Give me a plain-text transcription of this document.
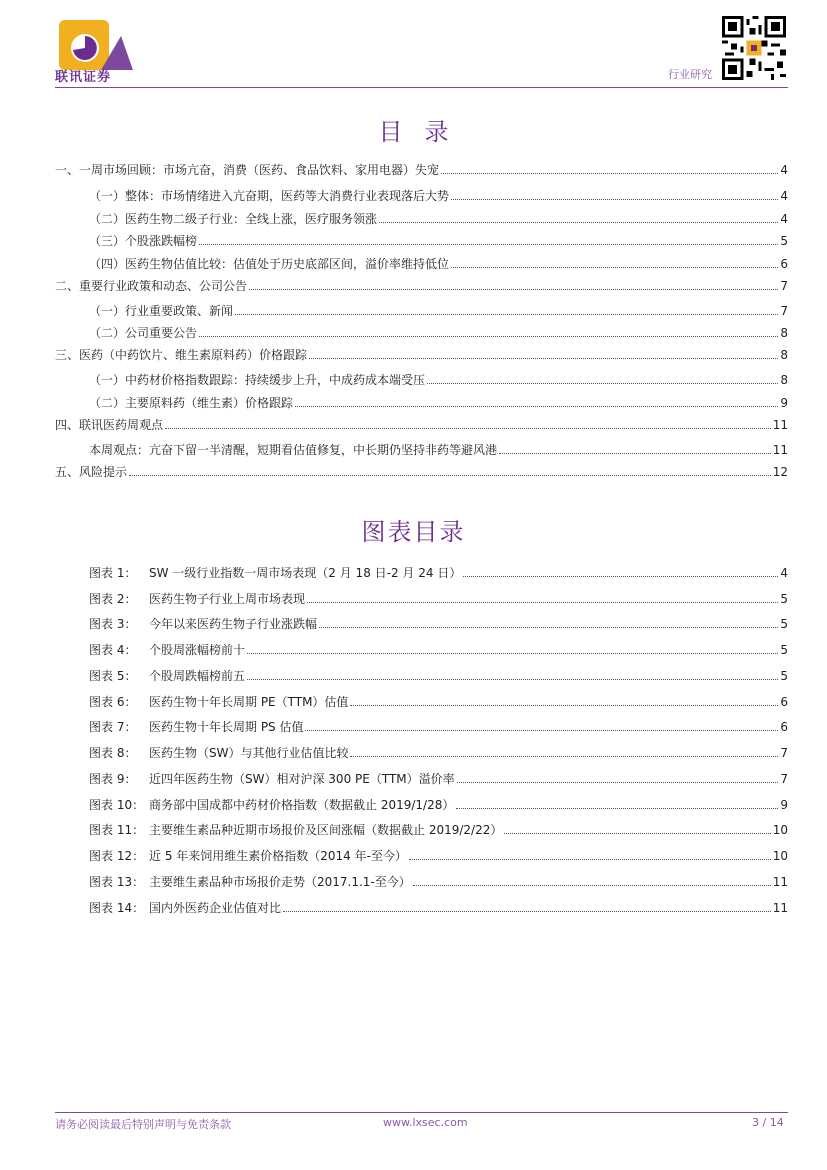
联讯证券	行业研究
目录
一、一周市场回顾：市场亢奋，消费（医药、食品饮料、家用电器）失宠	4
（一）整体：市场情绪进入亢奋期，医药等大消费行业表现落后大势	4
（二）医药生物二级子行业：全线上涨，医疗服务领涨	4
（三）个股涨跌幅榜	5
（四）医药生物估值比较：估值处于历史底部区间，溢价率维持低位	6
二、重要行业政策和动态、公司公告	7
（一）行业重要政策、新闻	7
（二）公司重要公告	8
三、医药（中药饮片、维生素原料药）价格跟踪	8
（一）中药材价格指数跟踪：持续缓步上升，中成药成本端受压	8
（二）主要原料药（维生素）价格跟踪	9
四、联讯医药周观点	11
本周观点：亢奋下留一半清醒，短期看估值修复，中长期仍坚持非药等避风港	11
五、风险提示	12
图表目录
图表 1：	SW 一级行业指数一周市场表现（2 月 18 日-2 月 24 日）	4
图表 2：	医药生物子行业上周市场表现	5
图表 3：	今年以来医药生物子行业涨跌幅	5
图表 4：	个股周涨幅榜前十	5
图表 5：	个股周跌幅榜前五	5
图表 6：	医药生物十年长周期 PE（TTM）估值	6
图表 7：	医药生物十年长周期 PS 估值	6
图表 8：	医药生物（SW）与其他行业估值比较	7
图表 9：	近四年医药生物（SW）相对沪深 300 PE（TTM）溢价率	7
图表 10： 商务部中国成都中药材价格指数（数据截止 2019/1/28）	9
图表 11： 主要维生素品种近期市场报价及区间涨幅（数据截止 2019/2/22）	10
图表 12： 近 5 年来饲用维生素价格指数（2014 年-至今）	10
图表 13： 主要维生素品种市场报价走势（2017.1.1-至今）	11
图表 14： 国内外医药企业估值对比	11
请务必阅读最后特别声明与免责条款	www.lxsec.com	3 / 14
